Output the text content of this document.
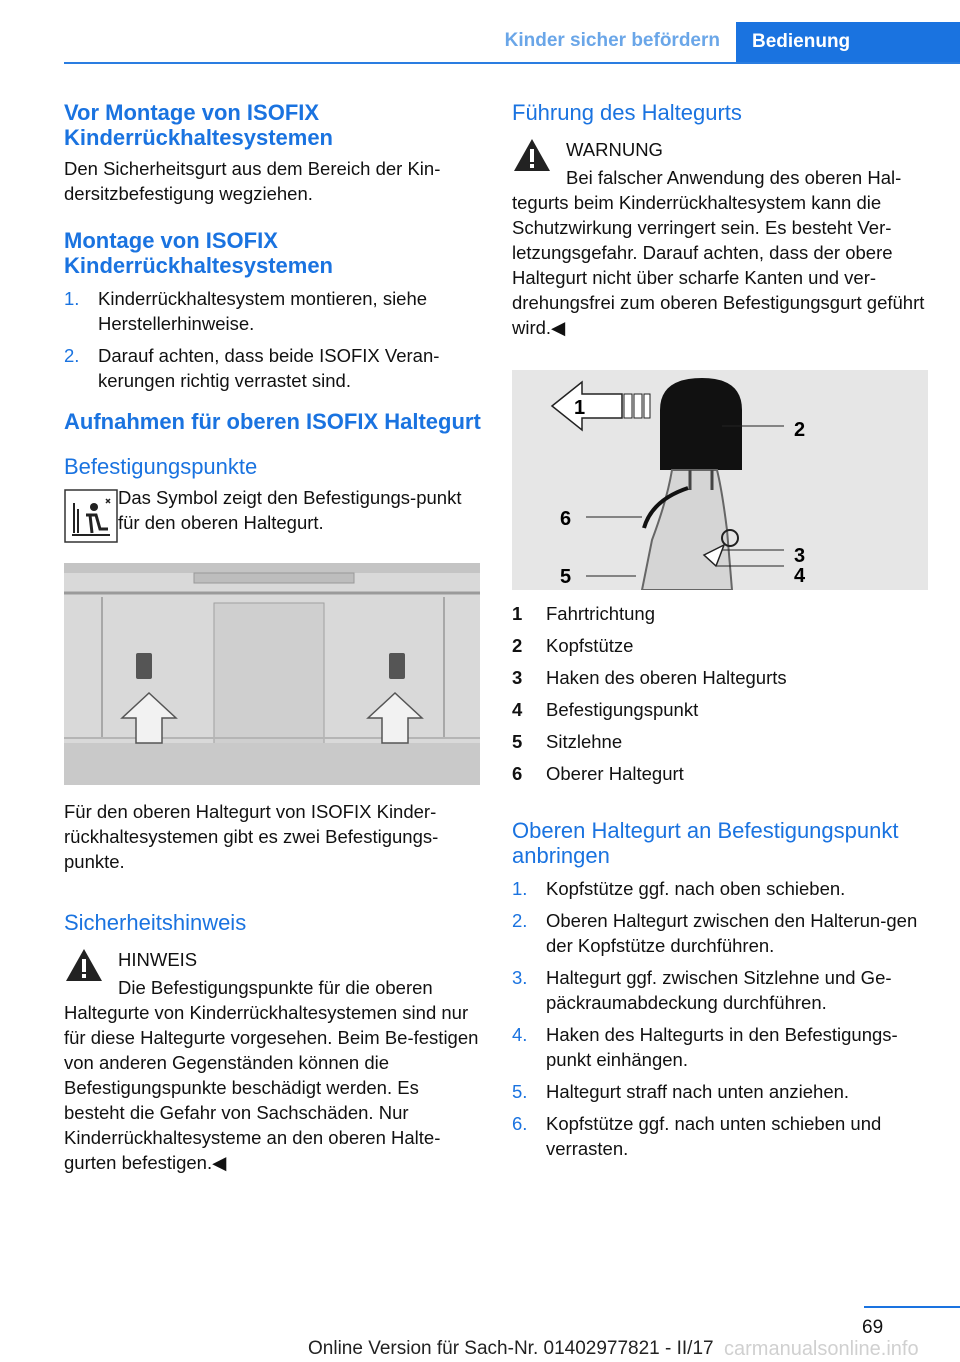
Kinder sicher befördern	Bedienung
Vor Montage von ISOFIX Kinderrückhaltesystemen

Den Sicherheitsgurt aus dem Bereich der Kin-dersitzbefestigung wegziehen.

Montage von ISOFIX Kinderrückhaltesystemen
1. Kinderrückhaltesystem montieren, siehe Herstellerhinweise.
2. Darauf achten, dass beide ISOFIX Veran-kerungen richtig verrastet sind.
Aufnahmen für oberen ISOFIX Haltegurt
Befestigungspunkte

Das Symbol zeigt den Befestigungs-punkt für den oberen Haltegurt.

Für den oberen Haltegurt von ISOFIX Kinder-rückhaltesystemen gibt es zwei Befestigungs-punkte.

Sicherheitshinweis
HINWEIS

Die Befestigungspunkte für die oberen Haltegurte von Kinderrückhaltesystemen sind nur für diese Haltegurte vorgesehen. Beim Be-festigen von anderen Gegenständen können die Befestigungspunkte beschädigt werden. Es besteht die Gefahr von Sachschäden. Nur Kinderrückhaltesysteme an den oberen Halte-gurten befestigen.◀

Führung des Haltegurts
WARNUNG

Bei falscher Anwendung des oberen Hal-tegurts beim Kinderrückhaltesystem kann die Schutzwirkung verringert sein. Es besteht Ver-letzungsgefahr. Darauf achten, dass der obere Haltegurt nicht über scharfe Kanten und ver-drehungsfrei zum oberen Befestigungsgurt geführt wird.◀

1
2
3
4
5
6
1 Fahrtrichtung
2 Kopfstütze
3 Haken des oberen Haltegurts
4 Befestigungspunkt
5 Sitzlehne
6 Oberer Haltegurt
Oberen Haltegurt an Befestigungspunkt anbringen
1. Kopfstütze ggf. nach oben schieben.
2. Oberen Haltegurt zwischen den Halterun-gen der Kopfstütze durchführen.
3. Haltegurt ggf. zwischen Sitzlehne und Ge-päckraumabdeckung durchführen.
4. Haken des Haltegurts in den Befestigungs-punkt einhängen.
5. Haltegurt straff nach unten anziehen.
6. Kopfstütze ggf. nach unten schieben und verrasten.
69
Online Version für Sach-Nr. 01402977821 - II/17 carmanualsonline.info
